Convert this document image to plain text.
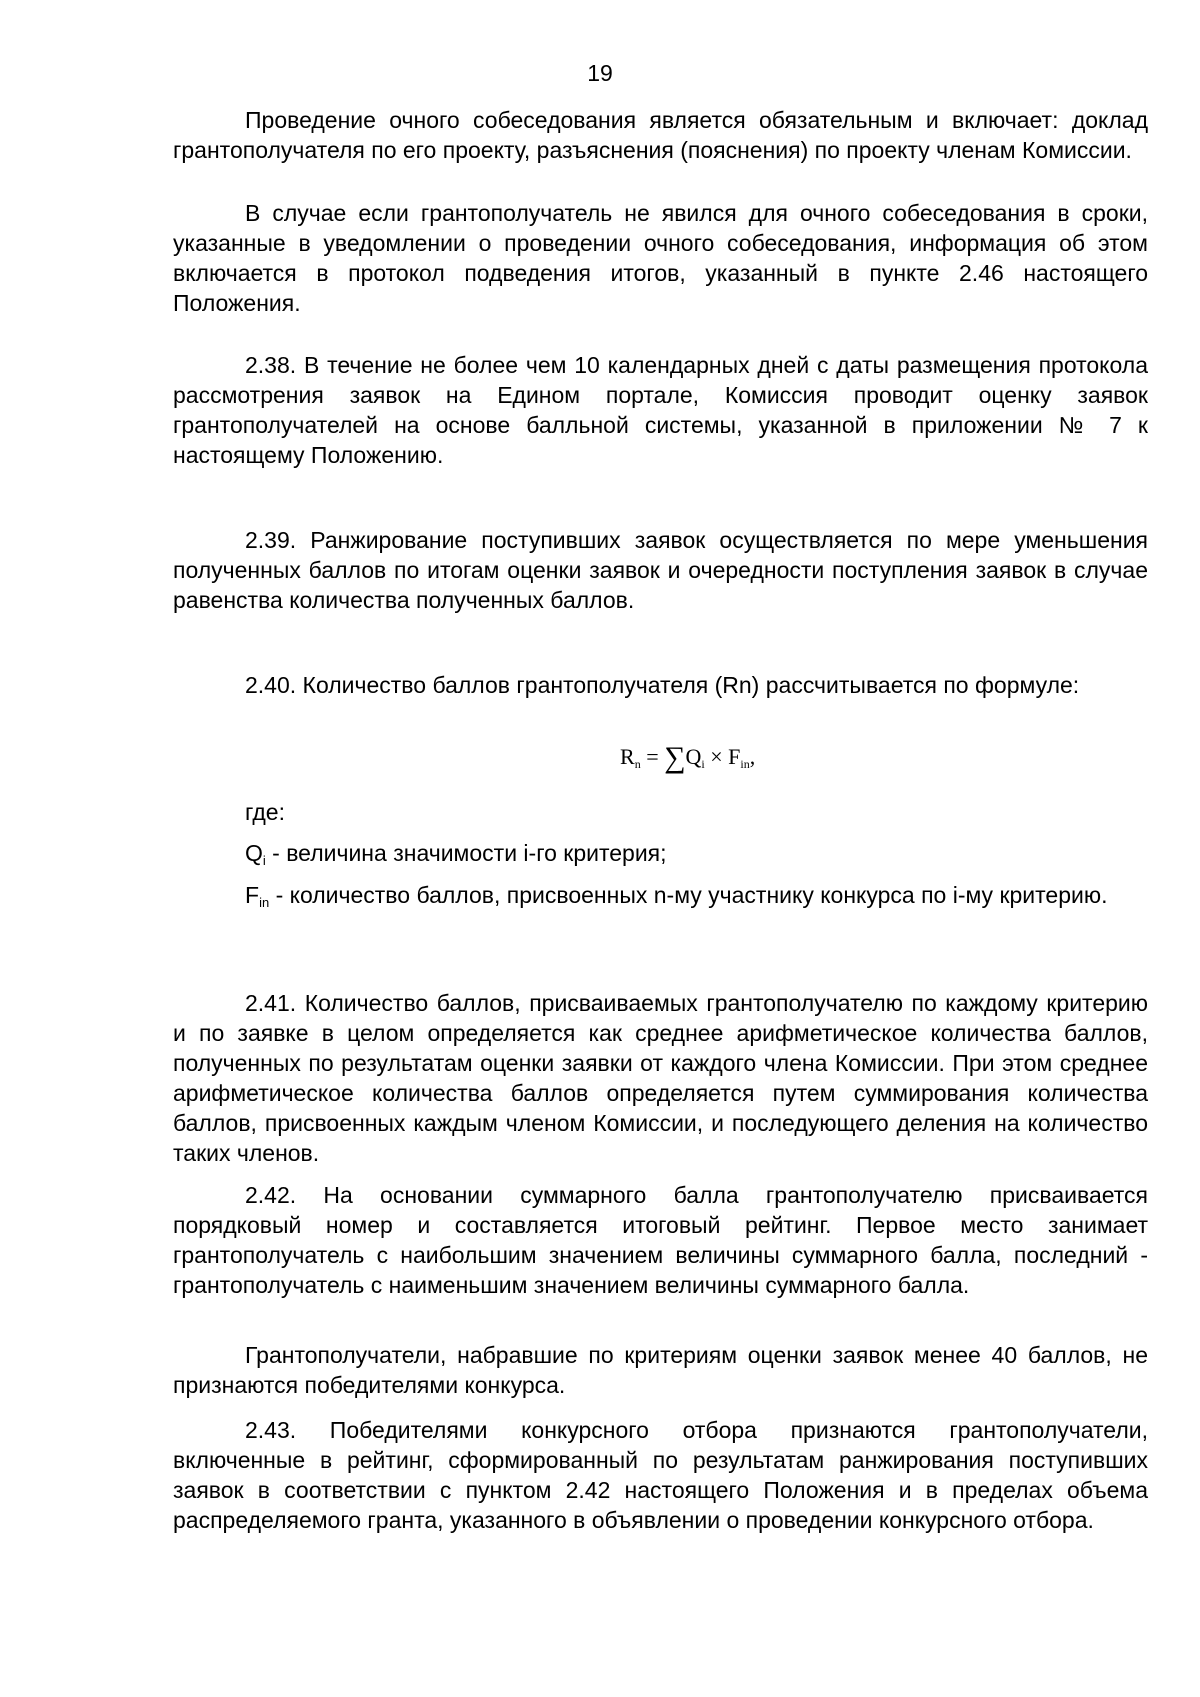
19

Проведение очного собеседования является обязательным и включает: доклад грантополучателя по его проекту, разъяснения (пояснения) по проекту членам Комиссии.

В случае если грантополучатель не явился для очного собеседования в сроки, указанные в уведомлении о проведении очного собеседования, информация об этом включается в протокол подведения итогов, указанный в пункте 2.46 настоящего Положения.

2.38. В течение не более чем 10 календарных дней с даты размещения протокола рассмотрения заявок на Едином портале, Комиссия проводит оценку заявок грантополучателей на основе балльной системы, указанной в приложении № 7 к настоящему Положению.

2.39. Ранжирование поступивших заявок осуществляется по мере уменьшения полученных баллов по итогам оценки заявок и очередности поступления заявок в случае равенства количества полученных баллов.

2.40. Количество баллов грантополучателя (Rn) рассчитывается по формуле:

$R_n = \sum Q_i \times F_{in}$,

где:

$Q_i$ - величина значимости i-го критерия;

$F_{in}$ - количество баллов, присвоенных n-му участнику конкурса по i-му критерию.

2.41. Количество баллов, присваиваемых грантополучателю по каждому критерию и по заявке в целом определяется как среднее арифметическое количества баллов, полученных по результатам оценки заявки от каждого члена Комиссии. При этом среднее арифметическое количества баллов определяется путем суммирования количества баллов, присвоенных каждым членом Комиссии, и последующего деления на количество таких членов.

2.42. На основании суммарного балла грантополучателю присваивается порядковый номер и составляется итоговый рейтинг. Первое место занимает грантополучатель с наибольшим значением величины суммарного балла, последний - грантополучатель с наименьшим значением величины суммарного балла.

Грантополучатели, набравшие по критериям оценки заявок менее 40 баллов, не признаются победителями конкурса.

2.43. Победителями конкурсного отбора признаются грантополучатели, включенные в рейтинг, сформированный по результатам ранжирования поступивших заявок в соответствии с пунктом 2.42 настоящего Положения и в пределах объема распределяемого гранта, указанного в объявлении о проведении конкурсного отбора.
